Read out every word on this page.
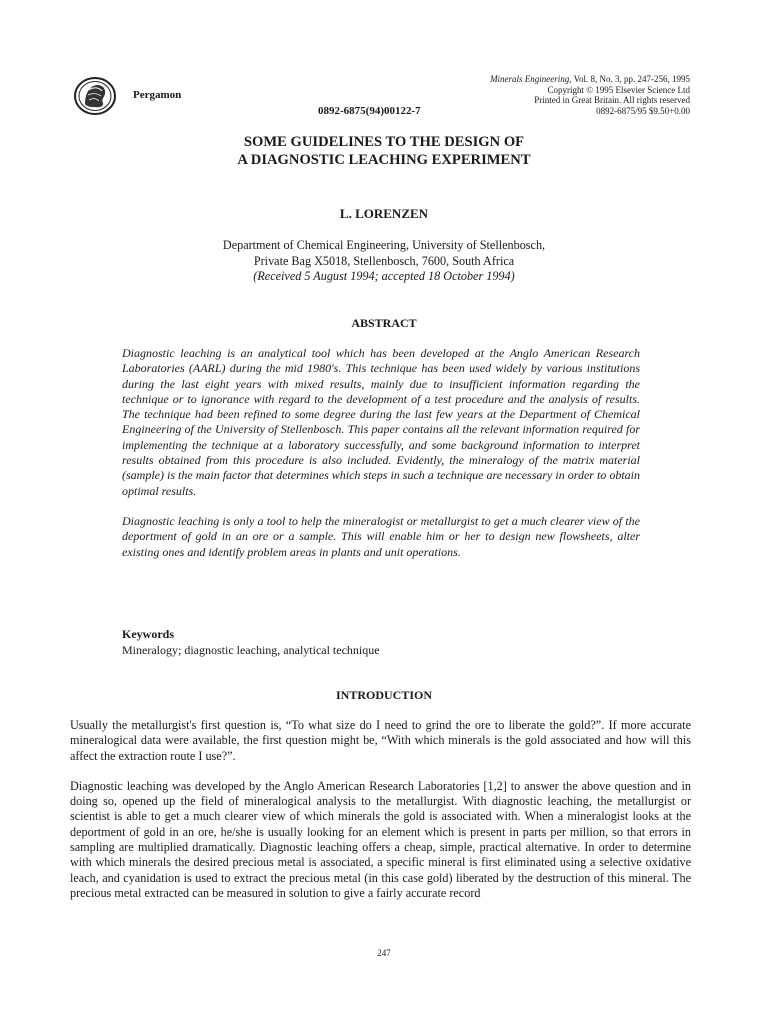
Pergamon
0892-6875(94)00122-7
Minerals Engineering, Vol. 8, No. 3, pp. 247-256, 1995
Copyright © 1995 Elsevier Science Ltd
Printed in Great Britain. All rights reserved
0892-6875/95 $9.50+0.00
SOME GUIDELINES TO THE DESIGN OF
A DIAGNOSTIC LEACHING EXPERIMENT
L. LORENZEN
Department of Chemical Engineering, University of Stellenbosch,
Private Bag X5018, Stellenbosch, 7600, South Africa
(Received 5 August 1994; accepted 18 October 1994)
ABSTRACT

Diagnostic leaching is an analytical tool which has been developed at the Anglo American Research Laboratories (AARL) during the mid 1980's. This technique has been used widely by various institutions during the last eight years with mixed results, mainly due to insufficient information regarding the technique or to ignorance with regard to the development of a test procedure and the analysis of results. The technique had been refined to some degree during the last few years at the Department of Chemical Engineering of the University of Stellenbosch. This paper contains all the relevant information required for implementing the technique at a laboratory successfully, and some background information to interpret results obtained from this procedure is also included. Evidently, the mineralogy of the matrix material (sample) is the main factor that determines which steps in such a technique are necessary in order to obtain optimal results.

Diagnostic leaching is only a tool to help the mineralogist or metallurgist to get a much clearer view of the deportment of gold in an ore or a sample. This will enable him or her to design new flowsheets, alter existing ones and identify problem areas in plants and unit operations.

Keywords
Mineralogy; diagnostic leaching, analytical technique
INTRODUCTION

Usually the metallurgist's first question is, “To what size do I need to grind the ore to liberate the gold?”. If more accurate mineralogical data were available, the first question might be, “With which minerals is the gold associated and how will this affect the extraction route I use?”.

Diagnostic leaching was developed by the Anglo American Research Laboratories [1,2] to answer the above question and in doing so, opened up the field of mineralogical analysis to the metallurgist. With diagnostic leaching, the metallurgist or scientist is able to get a much clearer view of which minerals the gold is associated with. When a mineralogist looks at the deportment of gold in an ore, he/she is usually looking for an element which is present in parts per million, so that errors in sampling are multiplied dramatically. Diagnostic leaching offers a cheap, simple, practical alternative. In order to determine with which minerals the desired precious metal is associated, a specific mineral is first eliminated using a selective oxidative leach, and cyanidation is used to extract the precious metal (in this case gold) liberated by the destruction of this mineral. The precious metal extracted can be measured in solution to give a fairly accurate record

247
